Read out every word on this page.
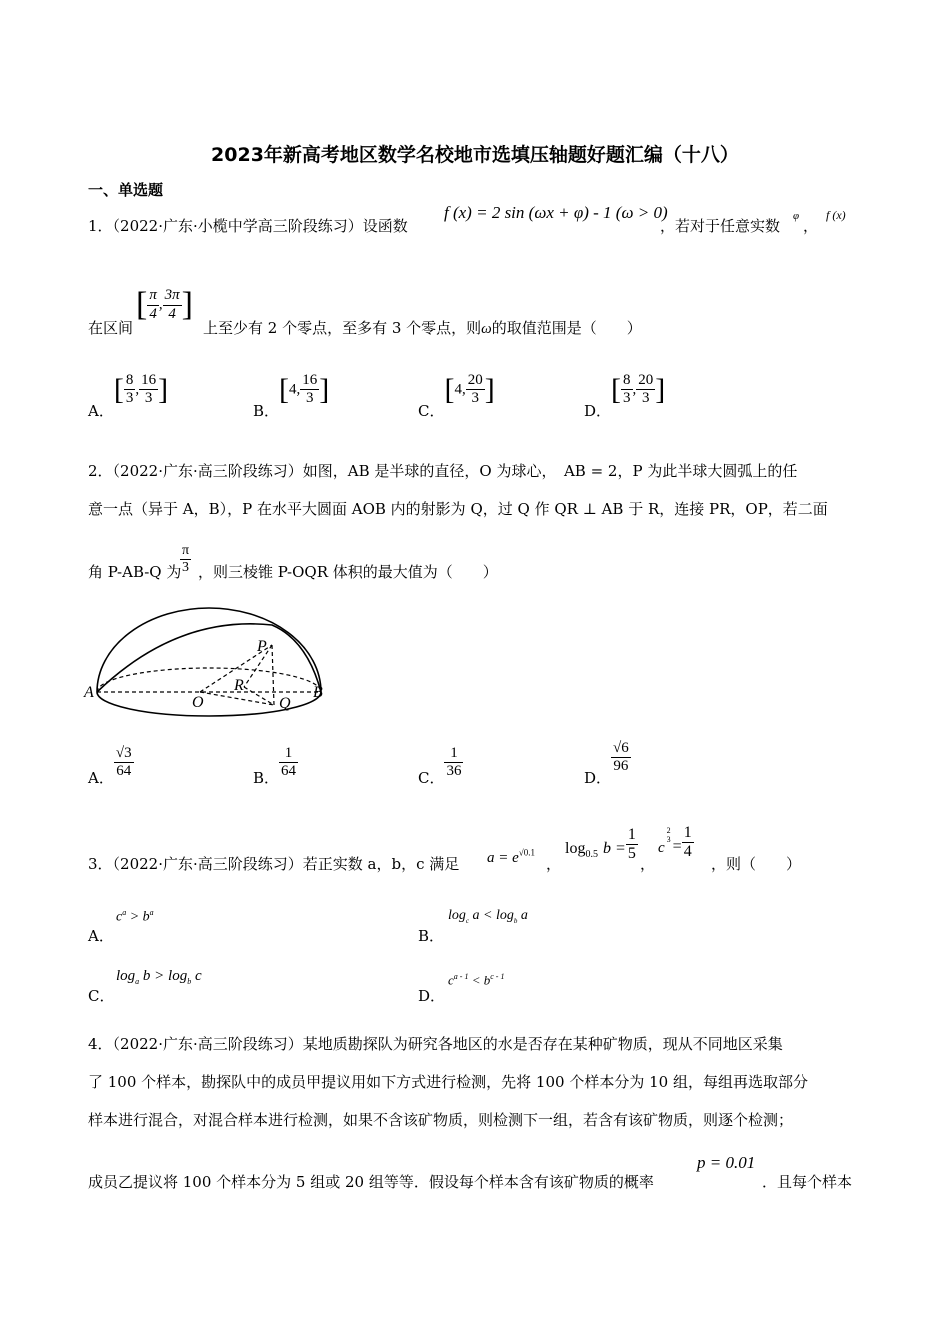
2023年新高考地区数学名校地市选填压轴题好题汇编（十八）
一、单选题
1．（2022·广东·小榄中学高三阶段练习）设函数
f (x) = 2 sin (ωx + φ) - 1 (ω > 0)
，若对于任意实数
φ
，
f (x)
在区间
[ $\frac{\pi}{4}$ , $\frac{3\pi}{4}$ ]
上至少有 2 个零点，至多有 3 个零点，则ω的取值范围是（　　）
A．[ $\frac{8}{3}$ , $\frac{16}{3}$ ]
B．[4, $\frac{16}{3}$ ]
C．[4, $\frac{20}{3}$ ]
D．[ $\frac{8}{3}$ , $\frac{20}{3}$ ]
2．（2022·广东·高三阶段练习）如图，AB 是半球的直径，O 为球心，　AB = 2，P 为此半球大圆弧上的任
意一点（异于 A，B），P 在水平大圆面 AOB 内的射影为 Q，过 Q 作 QR ⊥ AB 于 R，连接 PR，OP，若二面
角 P-AB-Q 为
$\frac{\pi}{3}$ ，则三棱锥 P-OQR 体积的最大值为（　　）
A	B
O
P
Q
R
A． $\frac{√3}{64}$	B． $\frac{1}{64}$	C． $\frac{1}{36}$	D．
$\frac{√6}{96}$
3．（2022·广东·高三阶段练习）若正实数 a，b，c 满足 $a = e^{√0.1}$
，
$\log_{0.5} b = \frac{1}{5}$
，
c
2
$3 = \frac{1}{4}$
，则（　　）
A．
$c^a > b^a$
B．
$\log_c a < \log_b a$
C．
$\log_a b > \log_b c$
D．
$c^{a - 1} < b^{c - 1}$
4．（2022·广东·高三阶段练习）某地质勘探队为研究各地区的水是否存在某种矿物质，现从不同地区采集
了 100 个样本，勘探队中的成员甲提议用如下方式进行检测，先将 100 个样本分为 10 组，每组再选取部分
样本进行混合，对混合样本进行检测，如果不含该矿物质，则检测下一组，若含有该矿物质，则逐个检测；
成员乙提议将 100 个样本分为 5 组或 20 组等等．假设每个样本含有该矿物质的概率
p = 0.01
．且每个样本
